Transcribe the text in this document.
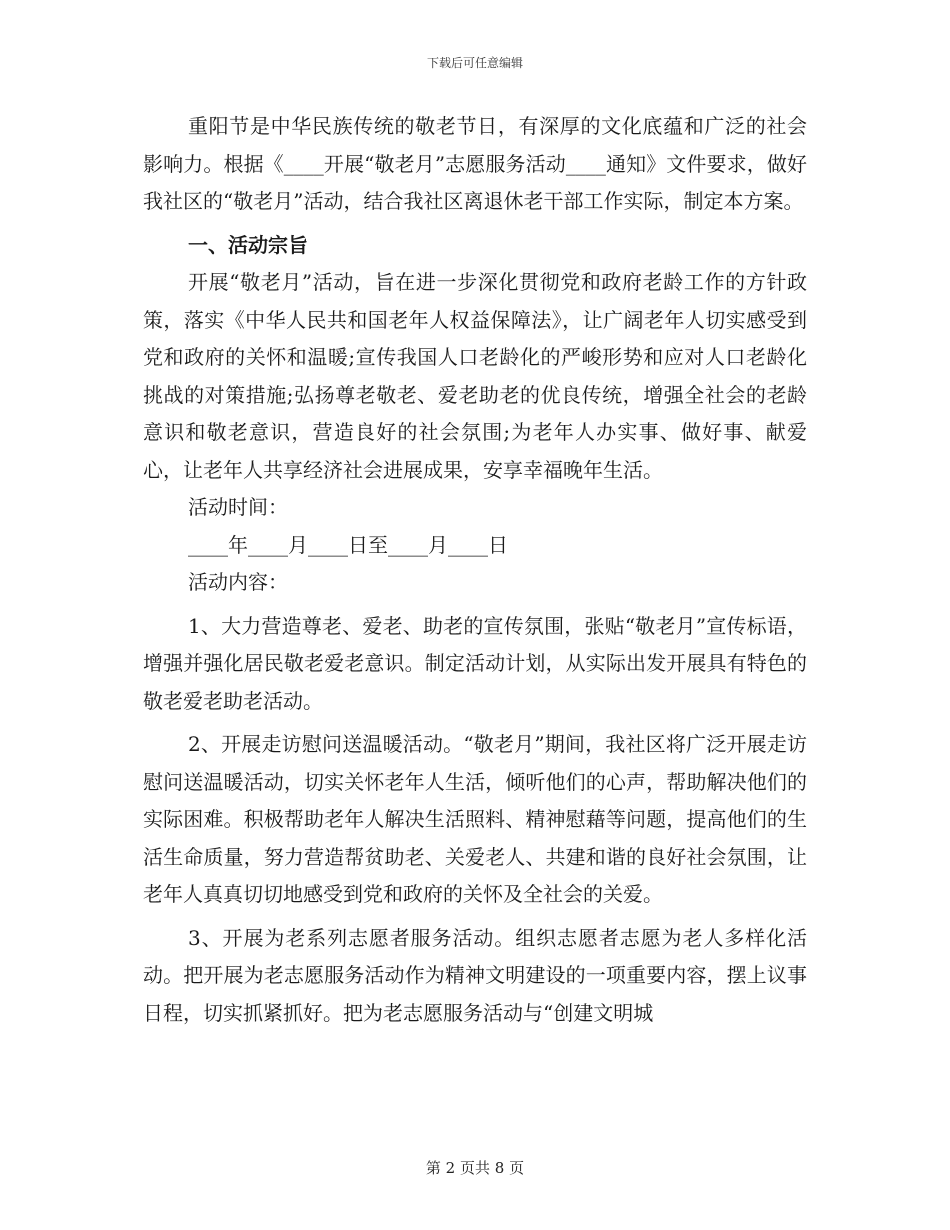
下载后可任意编辑

重阳节是中华民族传统的敬老节日，有深厚的文化底蕴和广泛的社会影响力。根据《____开展“敬老月”志愿服务活动____通知》文件要求，做好我社区的“敬老月”活动，结合我社区离退休老干部工作实际，制定本方案。

一、活动宗旨

开展“敬老月”活动，旨在进一步深化贯彻党和政府老龄工作的方针政策，落实《中华人民共和国老年人权益保障法》，让广阔老年人切实感受到党和政府的关怀和温暖;宣传我国人口老龄化的严峻形势和应对人口老龄化挑战的对策措施;弘扬尊老敬老、爱老助老的优良传统，增强全社会的老龄意识和敬老意识，营造良好的社会氛围;为老年人办实事、做好事、献爱心，让老年人共享经济社会进展成果，安享幸福晚年生活。

活动时间：

____年____月____日至____月____日

活动内容：

1、大力营造尊老、爱老、助老的宣传氛围，张贴“敬老月”宣传标语，增强并强化居民敬老爱老意识。制定活动计划，从实际出发开展具有特色的敬老爱老助老活动。

2、开展走访慰问送温暖活动。“敬老月”期间，我社区将广泛开展走访慰问送温暖活动，切实关怀老年人生活，倾听他们的心声，帮助解决他们的实际困难。积极帮助老年人解决生活照料、精神慰藉等问题，提高他们的生活生命质量，努力营造帮贫助老、关爱老人、共建和谐的良好社会氛围，让老年人真真切切地感受到党和政府的关怀及全社会的关爱。

3、开展为老系列志愿者服务活动。组织志愿者志愿为老人多样化活动。把开展为老志愿服务活动作为精神文明建设的一项重要内容，摆上议事日程，切实抓紧抓好。把为老志愿服务活动与“创建文明城

第 2 页共 8 页
